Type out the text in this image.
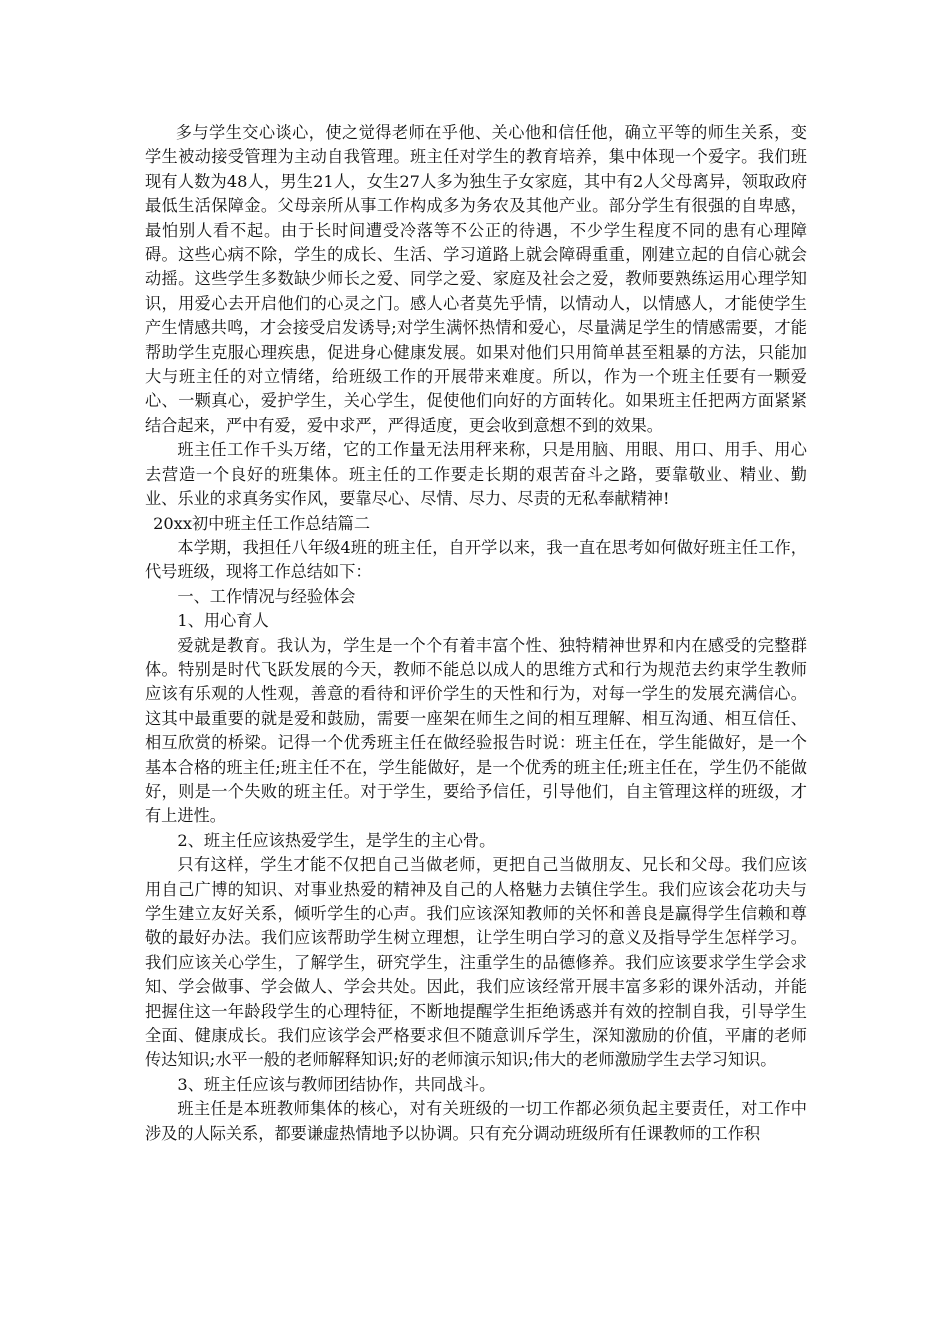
多与学生交心谈心，使之觉得老师在乎他、关心他和信任他，确立平等的师生关系，变学生被动接受管理为主动自我管理。班主任对学生的教育培养，集中体现一个爱字。我们班现有人数为48人，男生21人，女生27人多为独生子女家庭，其中有2人父母离异，领取政府最低生活保障金。父母亲所从事工作构成多为务农及其他产业。部分学生有很强的自卑感，最怕别人看不起。由于长时间遭受冷落等不公正的待遇，不少学生程度不同的患有心理障碍。这些心病不除，学生的成长、生活、学习道路上就会障碍重重，刚建立起的自信心就会动摇。这些学生多数缺少师长之爱、同学之爱、家庭及社会之爱，教师要熟练运用心理学知识，用爱心去开启他们的心灵之门。感人心者莫先乎情，以情动人，以情感人，才能使学生产生情感共鸣，才会接受启发诱导;对学生满怀热情和爱心，尽量满足学生的情感需要，才能帮助学生克服心理疾患，促进身心健康发展。如果对他们只用简单甚至粗暴的方法，只能加大与班主任的对立情绪，给班级工作的开展带来难度。所以，作为一个班主任要有一颗爱心、一颗真心，爱护学生，关心学生，促使他们向好的方面转化。如果班主任把两方面紧紧结合起来，严中有爱，爱中求严，严得适度，更会收到意想不到的效果。

班主任工作千头万绪，它的工作量无法用秤来称，只是用脑、用眼、用口、用手、用心去营造一个良好的班集体。班主任的工作要走长期的艰苦奋斗之路，要靠敬业、精业、勤业、乐业的求真务实作风，要靠尽心、尽情、尽力、尽责的无私奉献精神!

20xx初中班主任工作总结篇二

本学期，我担任八年级4班的班主任，自开学以来，我一直在思考如何做好班主任工作，代号班级，现将工作总结如下：

一、工作情况与经验体会

1、用心育人

爱就是教育。我认为，学生是一个个有着丰富个性、独特精神世界和内在感受的完整群体。特别是时代飞跃发展的今天，教师不能总以成人的思维方式和行为规范去约束学生教师应该有乐观的人性观，善意的看待和评价学生的天性和行为，对每一学生的发展充满信心。这其中最重要的就是爱和鼓励，需要一座架在师生之间的相互理解、相互沟通、相互信任、相互欣赏的桥梁。记得一个优秀班主任在做经验报告时说：班主任在，学生能做好，是一个基本合格的班主任;班主任不在，学生能做好，是一个优秀的班主任;班主任在，学生仍不能做好，则是一个失败的班主任。对于学生，要给予信任，引导他们，自主管理这样的班级，才有上进性。

2、班主任应该热爱学生，是学生的主心骨。

只有这样，学生才能不仅把自己当做老师，更把自己当做朋友、兄长和父母。我们应该用自己广博的知识、对事业热爱的精神及自己的人格魅力去镇住学生。我们应该会花功夫与学生建立友好关系，倾听学生的心声。我们应该深知教师的关怀和善良是赢得学生信赖和尊敬的最好办法。我们应该帮助学生树立理想，让学生明白学习的意义及指导学生怎样学习。我们应该关心学生，了解学生，研究学生，注重学生的品德修养。我们应该要求学生学会求知、学会做事、学会做人、学会共处。因此，我们应该经常开展丰富多彩的课外活动，并能把握住这一年龄段学生的心理特征，不断地提醒学生拒绝诱惑并有效的控制自我，引导学生全面、健康成长。我们应该学会严格要求但不随意训斥学生，深知激励的价值，平庸的老师传达知识;水平一般的老师解释知识;好的老师演示知识;伟大的老师激励学生去学习知识。

3、班主任应该与教师团结协作，共同战斗。

班主任是本班教师集体的核心，对有关班级的一切工作都必须负起主要责任，对工作中涉及的人际关系，都要谦虚热情地予以协调。只有充分调动班级所有任课教师的工作积
